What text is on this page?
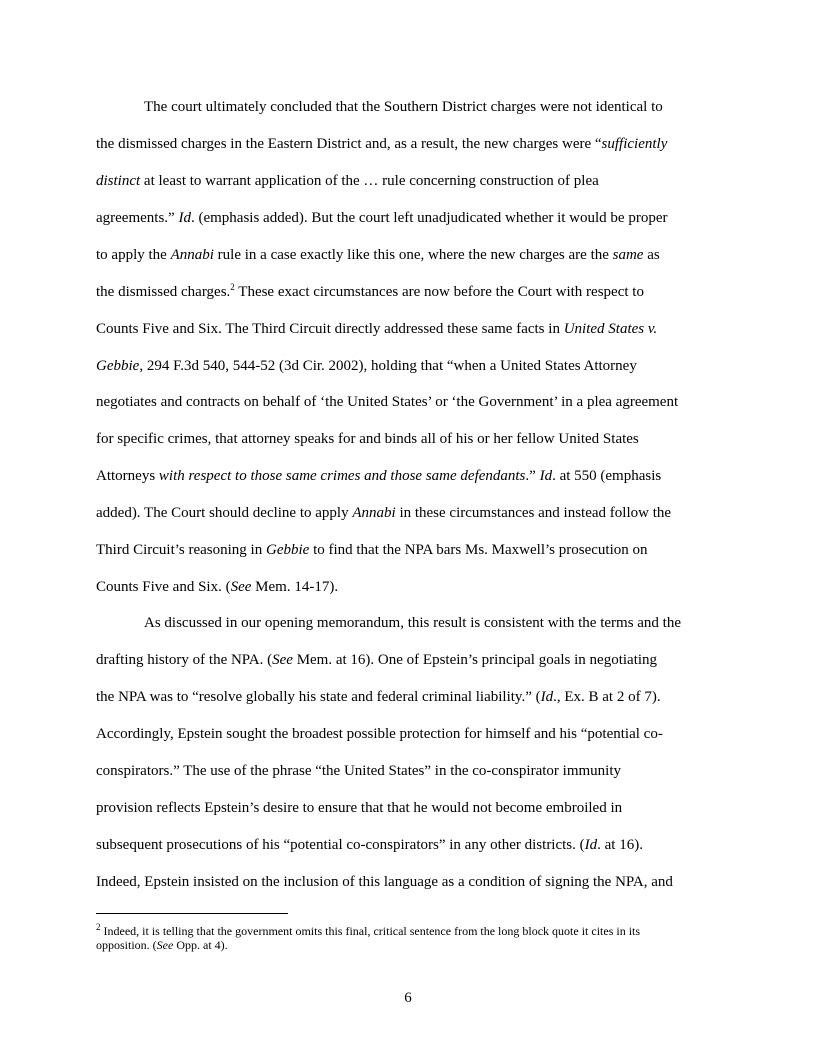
The court ultimately concluded that the Southern District charges were not identical to
the dismissed charges in the Eastern District and, as a result, the new charges were “sufficiently
distinct at least to warrant application of the … rule concerning construction of plea
agreements.” Id. (emphasis added). But the court left unadjudicated whether it would be proper
to apply the Annabi rule in a case exactly like this one, where the new charges are the same as
the dismissed charges.$^2$ These exact circumstances are now before the Court with respect to
Counts Five and Six. The Third Circuit directly addressed these same facts in United States v.
Gebbie, 294 F.3d 540, 544-52 (3d Cir. 2002), holding that “when a United States Attorney
negotiates and contracts on behalf of ‘the United States’ or ‘the Government’ in a plea agreement
for specific crimes, that attorney speaks for and binds all of his or her fellow United States
Attorneys with respect to those same crimes and those same defendants.” Id. at 550 (emphasis
added). The Court should decline to apply Annabi in these circumstances and instead follow the
Third Circuit’s reasoning in Gebbie to find that the NPA bars Ms. Maxwell’s prosecution on
Counts Five and Six. (See Mem. 14-17).
As discussed in our opening memorandum, this result is consistent with the terms and the
drafting history of the NPA. (See Mem. at 16). One of Epstein’s principal goals in negotiating
the NPA was to “resolve globally his state and federal criminal liability.” (Id., Ex. B at 2 of 7).
Accordingly, Epstein sought the broadest possible protection for himself and his “potential co-
conspirators.” The use of the phrase “the United States” in the co-conspirator immunity
provision reflects Epstein’s desire to ensure that that he would not become embroiled in
subsequent prosecutions of his “potential co-conspirators” in any other districts. (Id. at 16).
Indeed, Epstein insisted on the inclusion of this language as a condition of signing the NPA, and
$^2$ Indeed, it is telling that the government omits this final, critical sentence from the long block quote it cites in its
opposition. (See Opp. at 4).
6
